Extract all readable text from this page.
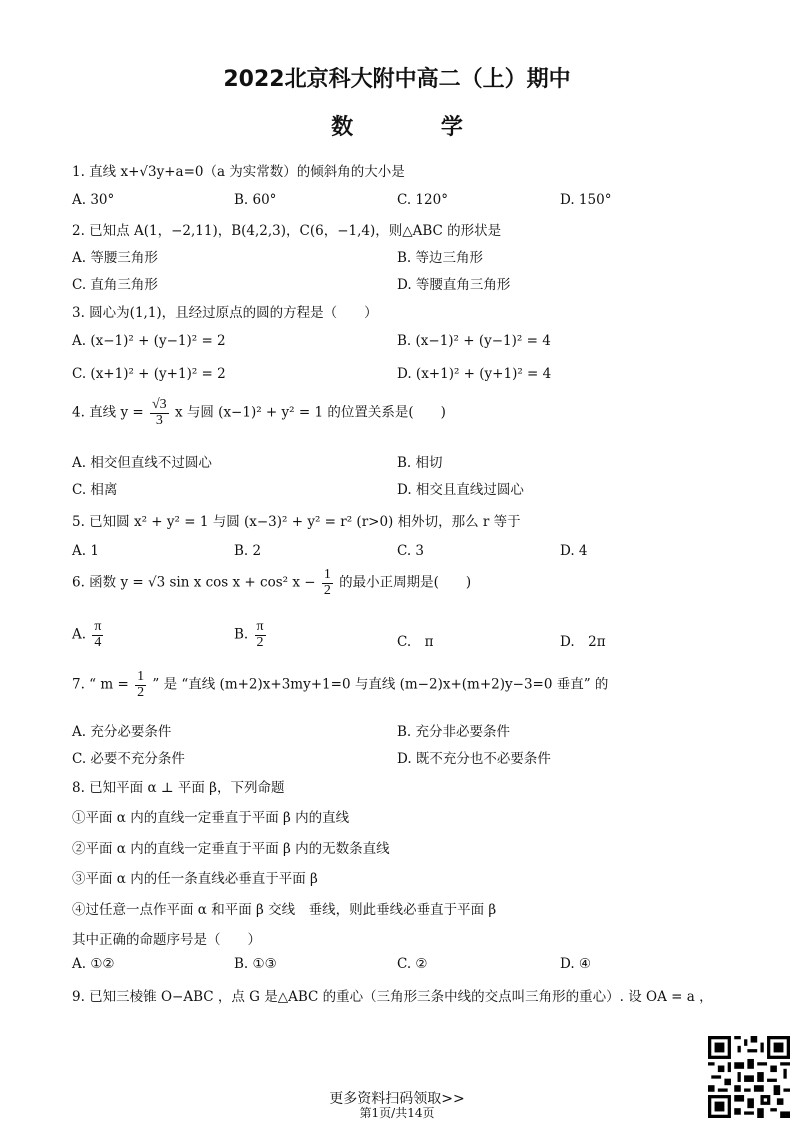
2022北京科大附中高二（上）期中
数 学
1. 直线 x+√3y+a=0（a 为实常数）的倾斜角的大小是
A. 30°	B. 60°	C. 120°	D. 150°
2. 已知点 A(1，−2,11)，B(4,2,3)，C(6，−1,4)，则△ABC 的形状是
A. 等腰三角形	B. 等边三角形
C. 直角三角形	D. 等腰直角三角形
3. 圆心为(1,1)，且经过原点的圆的方程是（　　）
A. (x−1)² + (y−1)² = 2	B. (x−1)² + (y−1)² = 4
C. (x+1)² + (y+1)² = 2	D. (x+1)² + (y+1)² = 4
4. 直线 $y = \frac{√3}{3}$ x 与圆 (x−1)² + y² = 1 的位置关系是(　　)
A. 相交但直线不过圆心	B. 相切
C. 相离	D. 相交且直线过圆心
5. 已知圆 x² + y² = 1 与圆 (x−3)² + y² = r² (r>0) 相外切，那么 r 等于
A. 1	B. 2	C. 3	D. 4
6. 函数 y = √3 sin x cos x + cos² $x - \frac{1}{2}$ 的最小正周期是(　　)
A. $\frac{\pi}{4}$	B. $\frac{\pi}{2}$	C.　π	D.　2π
7. “ $m = \frac{1}{2}$ ” 是 “直线 (m+2)x+3my+1=0 与直线 (m−2)x+(m+2)y−3=0 垂直” 的
A. 充分必要条件	B. 充分非必要条件
C. 必要不充分条件	D. 既不充分也不必要条件
8. 已知平面 α ⊥ 平面 β，下列命题
①平面 α 内的直线一定垂直于平面 β 内的直线
②平面 α 内的直线一定垂直于平面 β 内的无数条直线
③平面 α 内的任一条直线必垂直于平面 β
④过任意一点作平面 α 和平面 β 交线　垂线，则此垂线必垂直于平面 β
其中正确的命题序号是（　　）
A. ①②	B. ①③	C. ②	D. ④
9. 已知三棱锥 O−ABC ，点 G 是△ABC 的重心（三角形三条中线的交点叫三角形的重心）. 设 OA = a ，
更多资料扫码领取>>
第1页/共14页
